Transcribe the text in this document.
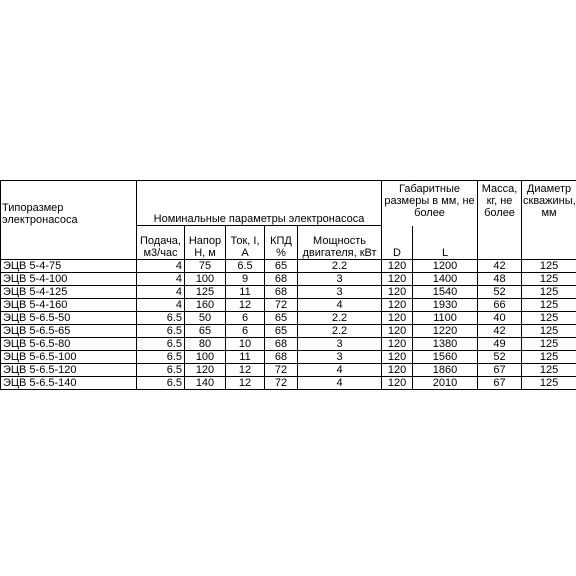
Типоразмер электронасоса	Номинальные параметры электронасоса					Габаритные размеры в мм, не более		Масса, кг, не более	Диаметр скважины, мм
	Подача, м3/час	Напор Н, м	Ток, I, А	КПД %	Мощность двигателя, кВт	D	L		
ЭЦВ 5-4-75	4	75	6.5	65	2.2	120	1200	42	125
ЭЦВ 5-4-100	4	100	9	68	3	120	1400	48	125
ЭЦВ 5-4-125	4	125	11	68	3	120	1540	52	125
ЭЦВ 5-4-160	4	160	12	72	4	120	1930	66	125
ЭЦВ 5-6.5-50	6.5	50	6	65	2.2	120	1100	40	125
ЭЦВ 5-6.5-65	6.5	65	6	65	2.2	120	1220	42	125
ЭЦВ 5-6.5-80	6.5	80	10	68	3	120	1380	49	125
ЭЦВ 5-6.5-100	6.5	100	11	68	3	120	1560	52	125
ЭЦВ 5-6.5-120	6.5	120	12	72	4	120	1860	67	125
ЭЦВ 5-6.5-140	6.5	140	12	72	4	120	2010	67	125
